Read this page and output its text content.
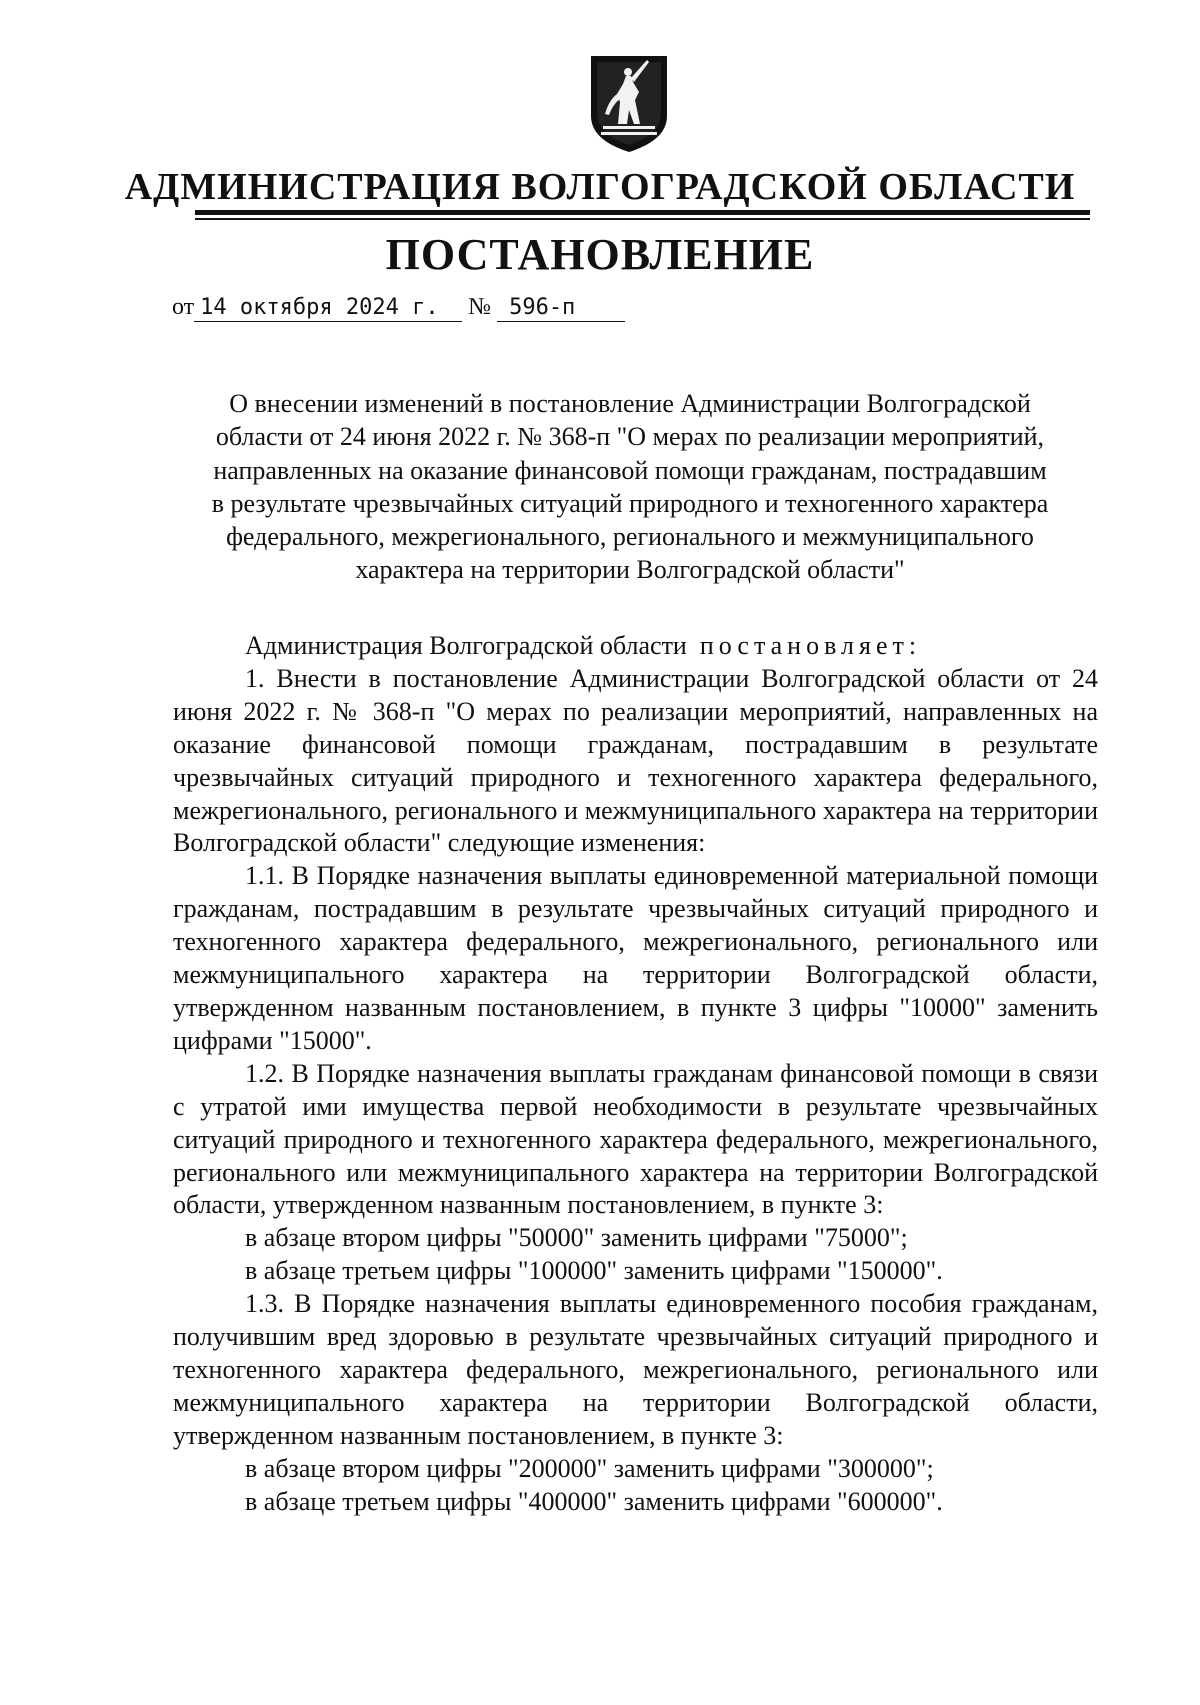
АДМИНИСТРАЦИЯ ВОЛГОГРАДСКОЙ ОБЛАСТИ
ПОСТАНОВЛЕНИЕ
от 14 октября 2024 г. № 596-п
О внесении изменений в постановление Администрации Волгоградской
области от 24 июня 2022 г. № 368-п "О мерах по реализации мероприятий,
направленных на оказание финансовой помощи гражданам, пострадавшим
в результате чрезвычайных ситуаций природного и техногенного характера
федерального, межрегионального, регионального и межмуниципального
характера на территории Волгоградской области"

Администрация Волгоградской области постановляет:

1. Внести в постановление Администрации Волгоградской области от 24 июня 2022 г. № 368-п "О мерах по реализации мероприятий, направленных на оказание финансовой помощи гражданам, пострадавшим в результате чрезвычайных ситуаций природного и техногенного характера федерального, межрегионального, регионального и межмуниципального характера на территории Волгоградской области" следующие изменения:

1.1. В Порядке назначения выплаты единовременной материальной помощи гражданам, пострадавшим в результате чрезвычайных ситуаций природного и техногенного характера федерального, межрегионального, регионального или межмуниципального характера на территории Волгоградской области, утвержденном названным постановлением, в пункте 3 цифры "10000" заменить цифрами "15000".

1.2. В Порядке назначения выплаты гражданам финансовой помощи в связи с утратой ими имущества первой необходимости в результате чрезвычайных ситуаций природного и техногенного характера федерального, межрегионального, регионального или межмуниципального характера на территории Волгоградской области, утвержденном названным постановлением, в пункте 3:

в абзаце втором цифры "50000" заменить цифрами "75000";

в абзаце третьем цифры "100000" заменить цифрами "150000".

1.3. В Порядке назначения выплаты единовременного пособия гражданам, получившим вред здоровью в результате чрезвычайных ситуаций природного и техногенного характера федерального, межрегионального, регионального или межмуниципального характера на территории Волгоградской области, утвержденном названным постановлением, в пункте 3:

в абзаце втором цифры "200000" заменить цифрами "300000";

в абзаце третьем цифры "400000" заменить цифрами "600000".
